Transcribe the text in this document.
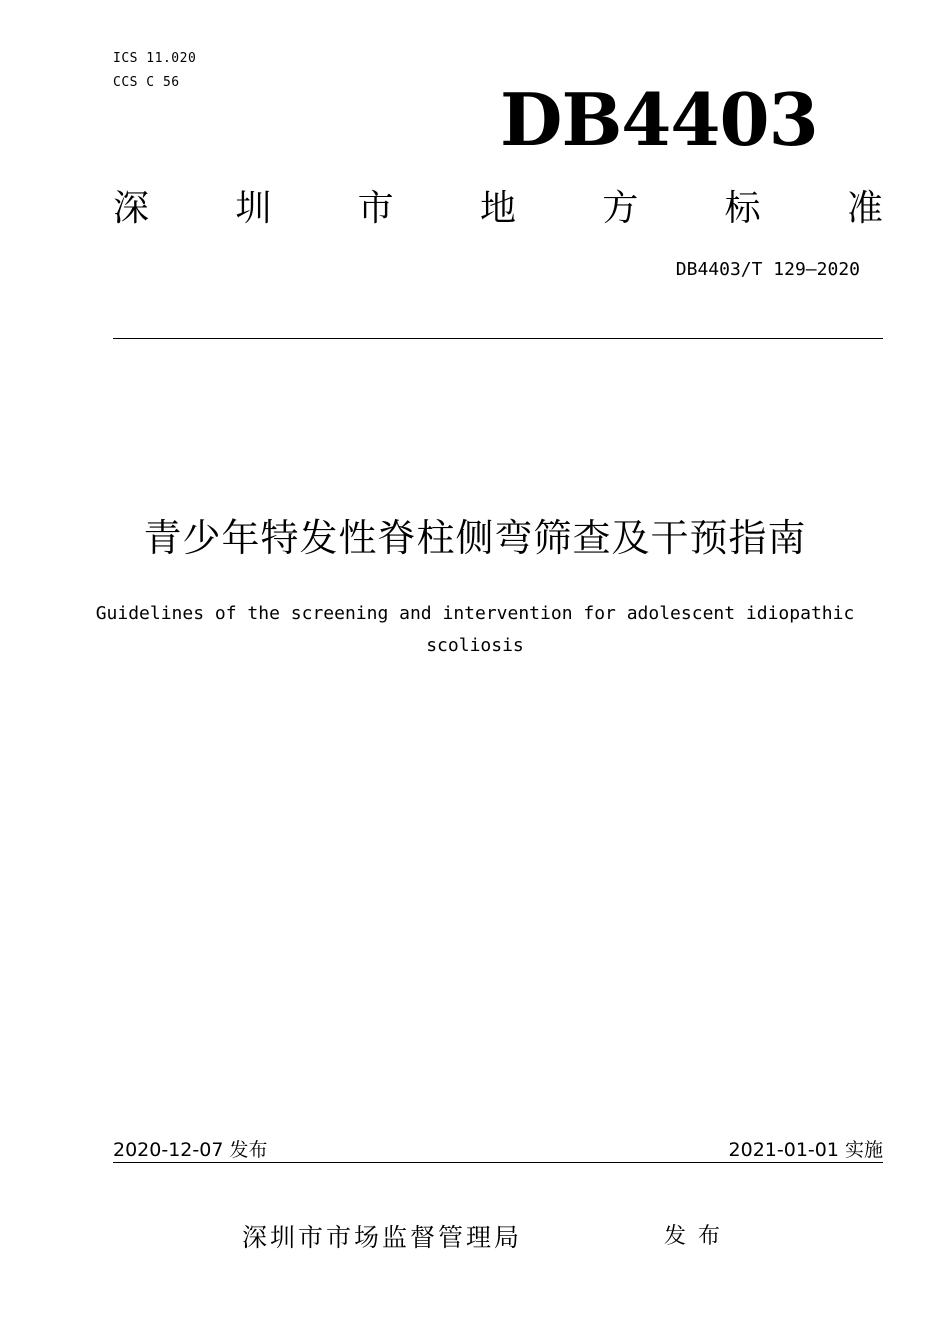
ICS 11.020
CCS C 56	DB4403
深 圳 市 地 方 标 准
DB4403/T 129—2020
青少年特发性脊柱侧弯筛查及干预指南
Guidelines of the screening and intervention for adolescent idiopathic
scoliosis
2020-12-07 发布	2021-01-01 实施
深圳市市场监督管理局	发布
